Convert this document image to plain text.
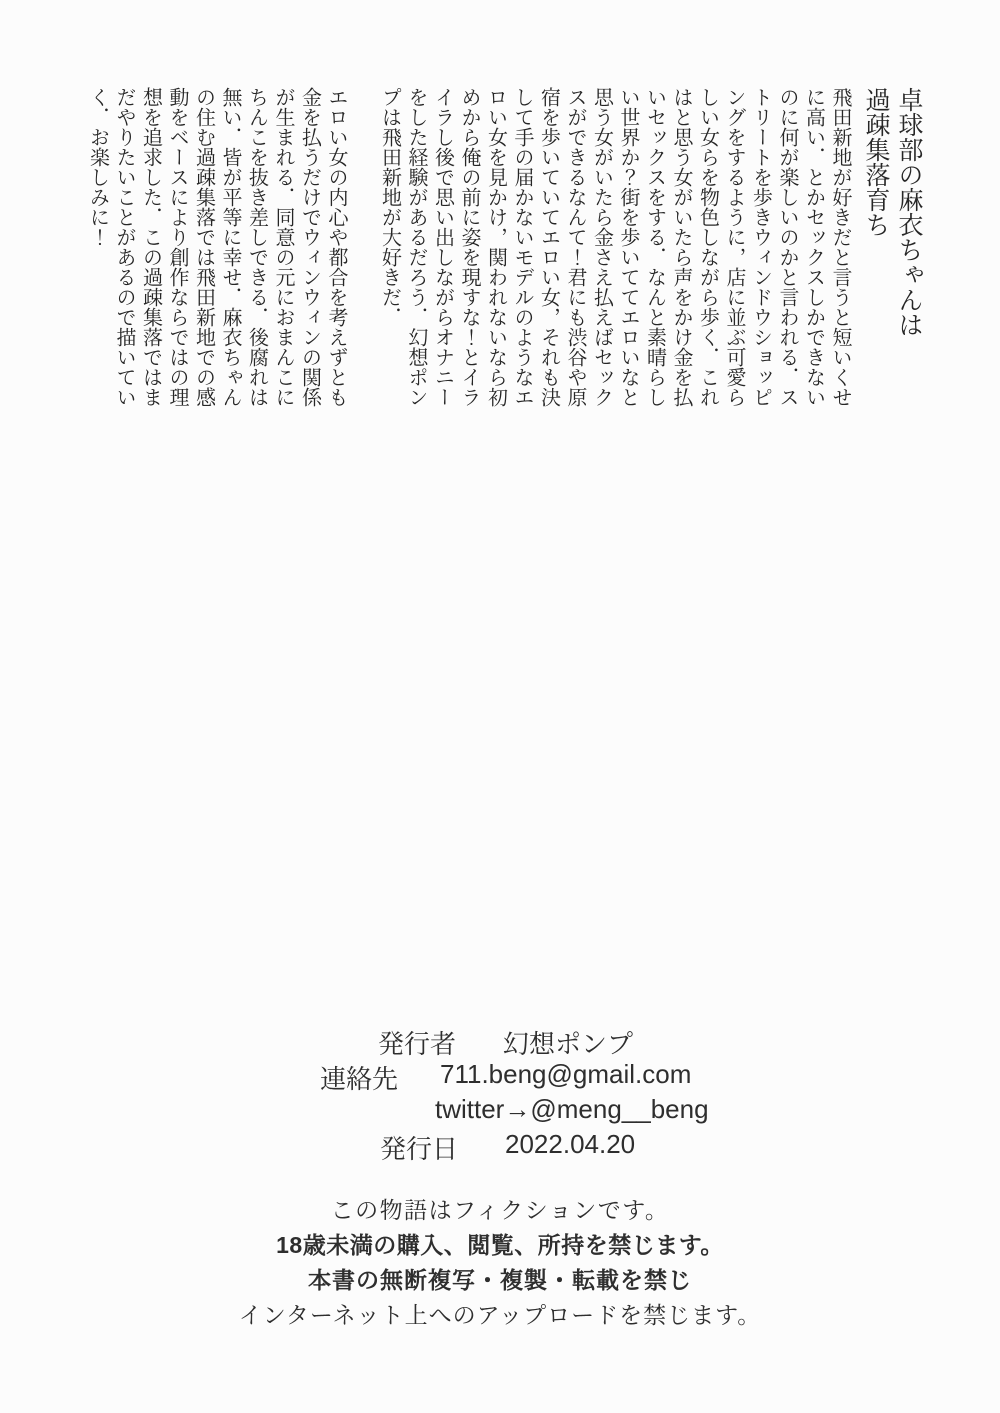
卓球部の麻衣ちゃんは
過疎集落育ち

飛田新地が好きだと言うと短いくせに高い．とかセックスしかできないのに何が楽しいのかと言われる．ストリートを歩きウィンドウショッピングをするように，店に並ぶ可愛らしい女らを物色しながら歩く．これはと思う女がいたら声をかけ金を払いセックスをする．なんと素晴らしい世界か？街を歩いててエロいなと思う女がいたら金さえ払えばセックスができるなんて！君にも渋谷や原宿を歩いていてエロい女，それも決して手の届かないモデルのようなエロい女を見かけ，関われないなら初めから俺の前に姿を現すな！とイライラし後で思い出しながらオナニーをした経験があるだろう．幻想ポンプは飛田新地が大好きだ．

エロい女の内心や都合を考えずとも金を払うだけでウィンウィンの関係が生まれる．同意の元におまんこにちんこを抜き差しできる．後腐れは無い．皆が平等に幸せ．麻衣ちゃんの住む過疎集落では飛田新地での感動をベースにより創作ならではの理想を追求した．この過疎集落ではまだやりたいことがあるので描いていく．お楽しみに！

発行者 幻想ポンプ
連絡先 711.beng@gmail.com
twitter→@meng__beng
発行日 2022.04.20

この物語はフィクションです。

18歳未満の購入、閲覧、所持を禁じます。

本書の無断複写・複製・転載を禁じ

インターネット上へのアップロードを禁じます。
